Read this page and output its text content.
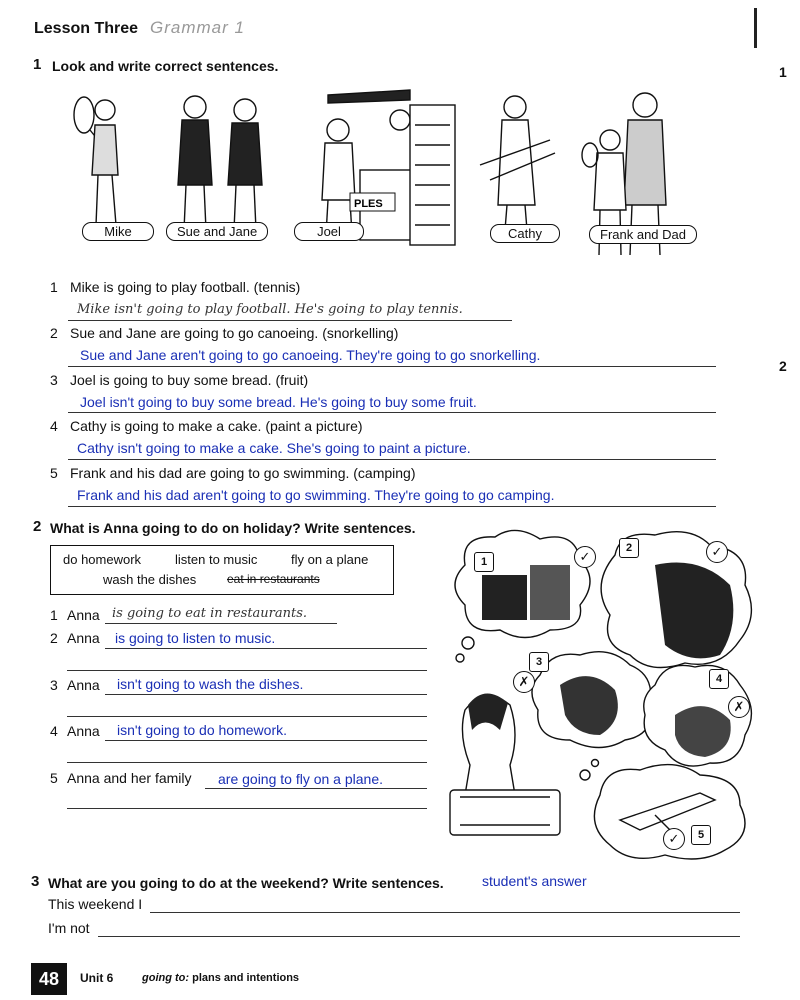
Lesson Three Grammar 1
1
2
1 Look and write correct sentences.
PLES
Mike	Sue and Jane	Joel	Cathy	Frank and Dad
1 Mike is going to play football. (tennis)
Mike isn't going to play football. He's going to play tennis.
2 Sue and Jane are going to go canoeing. (snorkelling)
Sue and Jane aren't going to go canoeing. They're going to go snorkelling.
3 Joel is going to buy some bread. (fruit)
Joel isn't going to buy some bread. He's going to buy some fruit.
4 Cathy is going to make a cake. (paint a picture)
Cathy isn't going to make a cake. She's going to paint a picture.
5 Frank and his dad are going to go swimming. (camping)
Frank and his dad aren't going to go swimming. They're going to go camping.
2 What is Anna going to do on holiday? Write sentences.
do homework	listen to music	fly on a plane
wash the dishes	eat in restaurants
1 Anna is going to eat in restaurants.
2 Anna is going to listen to music.
3 Anna isn't going to wash the dishes.
4 Anna isn't going to do homework.
5 Anna and her family are going to fly on a plane.
1
2
3
4
5
✓	✓
✗
✗
✓
3 What are you going to do at the weekend? Write sentences.	student's answer
This weekend I
I'm not
48	Unit 6	going to: plans and intentions
